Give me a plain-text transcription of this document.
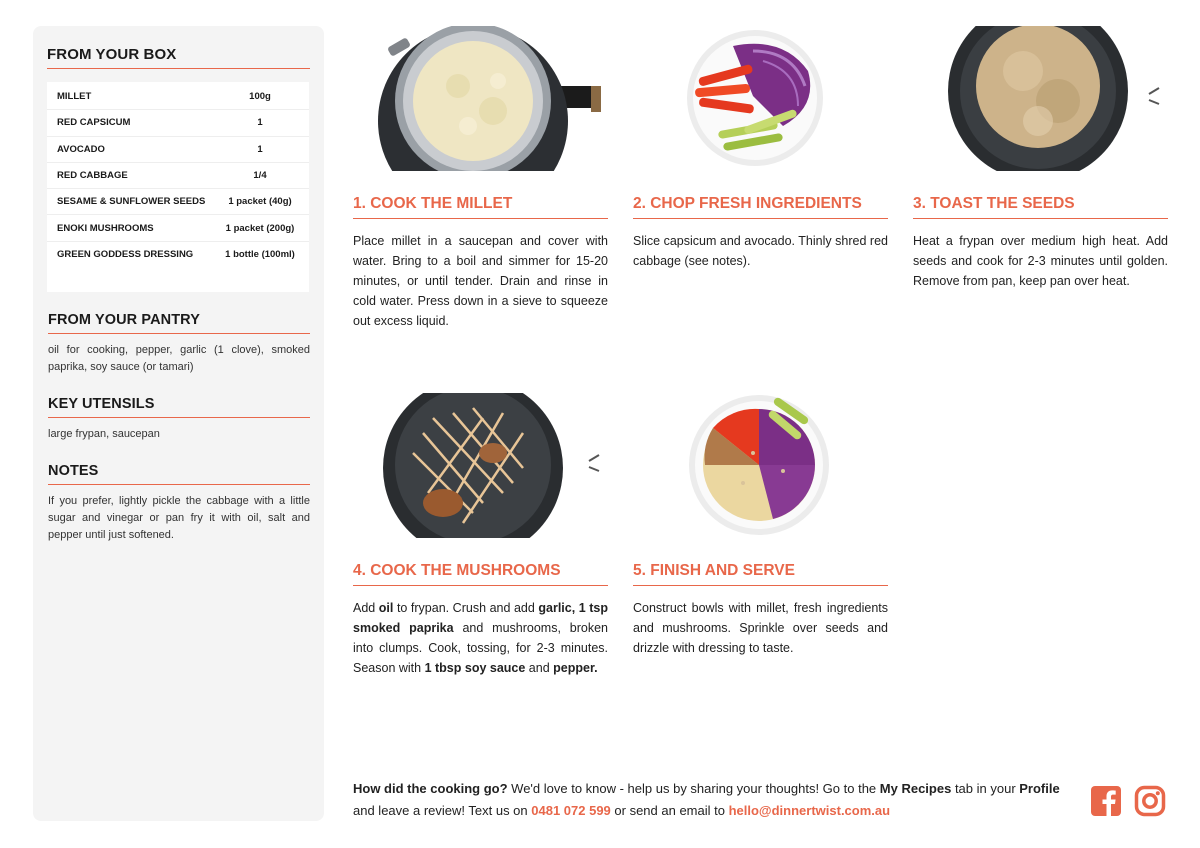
FROM YOUR BOX
MILLET	100g
RED CAPSICUM	1
AVOCADO	1
RED CABBAGE	1/4
SESAME & SUNFLOWER SEEDS	1 packet (40g)
ENOKI MUSHROOMS	1 packet (200g)
GREEN GODDESS DRESSING	1 bottle (100ml)
FROM YOUR PANTRY
oil for cooking, pepper, garlic (1 clove), smoked paprika, soy sauce (or tamari)
KEY UTENSILS
large frypan, saucepan
NOTES
If you prefer, lightly pickle the cabbage with a little sugar and vinegar or pan fry it with oil, salt and pepper until just softened.
1. COOK THE MILLET
Place millet in a saucepan and cover with water. Bring to a boil and simmer for 15-20 minutes, or until tender. Drain and rinse in cold water. Press down in a sieve to squeeze out excess liquid.
2. CHOP FRESH INGREDIENTS
Slice capsicum and avocado. Thinly shred red cabbage (see notes).
3. TOAST THE SEEDS
Heat a frypan over medium high heat. Add seeds and cook for 2-3 minutes until golden. Remove from pan, keep pan over heat.
4. COOK THE MUSHROOMS
Add oil to frypan. Crush and add garlic, 1 tsp smoked paprika and mushrooms, broken into clumps. Cook, tossing, for 2-3 minutes. Season with 1 tbsp soy sauce and pepper.
5. FINISH AND SERVE
Construct bowls with millet, fresh ingredients and mushrooms. Sprinkle over seeds and drizzle with dressing to taste.
How did the cooking go? We'd love to know - help us by sharing your thoughts! Go to the My Recipes tab in your Profile and leave a review! Text us on 0481 072 599 or send an email to hello@dinnertwist.com.au
